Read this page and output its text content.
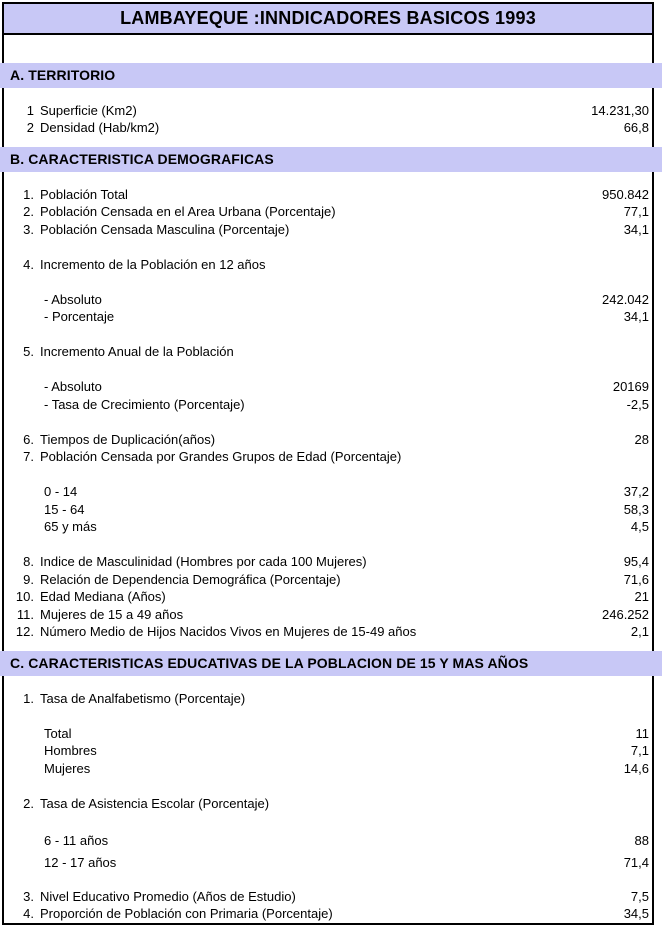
LAMBAYEQUE :INNDICADORES BASICOS 1993
A. TERRITORIO
1 Superficie (Km2)	14.231,30
2 Densidad (Hab/km2)	66,8
B. CARACTERISTICA DEMOGRAFICAS
1. Población Total	950.842
2. Población Censada en el Area Urbana (Porcentaje)	77,1
3. Población Censada Masculina (Porcentaje)	34,1
4. Incremento de la Población en 12 años
- Absoluto	242.042
- Porcentaje	34,1
5. Incremento Anual de la Población
- Absoluto	20169
- Tasa de Crecimiento (Porcentaje)	-2,5
6. Tiempos de Duplicación(años)	28
7. Población Censada por Grandes Grupos de Edad (Porcentaje)
0 - 14	37,2
15 - 64	58,3
65 y más	4,5
8. Indice de Masculinidad (Hombres por cada 100 Mujeres)	95,4
9. Relación de Dependencia Demográfica (Porcentaje)	71,6
10. Edad Mediana (Años)	21
11. Mujeres de 15 a 49 años	246.252
12. Número Medio de Hijos Nacidos Vivos en Mujeres de 15-49 años	2,1
C. CARACTERISTICAS EDUCATIVAS DE LA POBLACION DE 15 Y MAS AÑOS
1. Tasa de Analfabetismo (Porcentaje)
Total	11
Hombres	7,1
Mujeres	14,6
2. Tasa de Asistencia Escolar (Porcentaje)
6 - 11 años	88
12 - 17 años	71,4
3. Nivel Educativo Promedio (Años de Estudio)	7,5
4. Proporción de Población con Primaria (Porcentaje)	34,5
